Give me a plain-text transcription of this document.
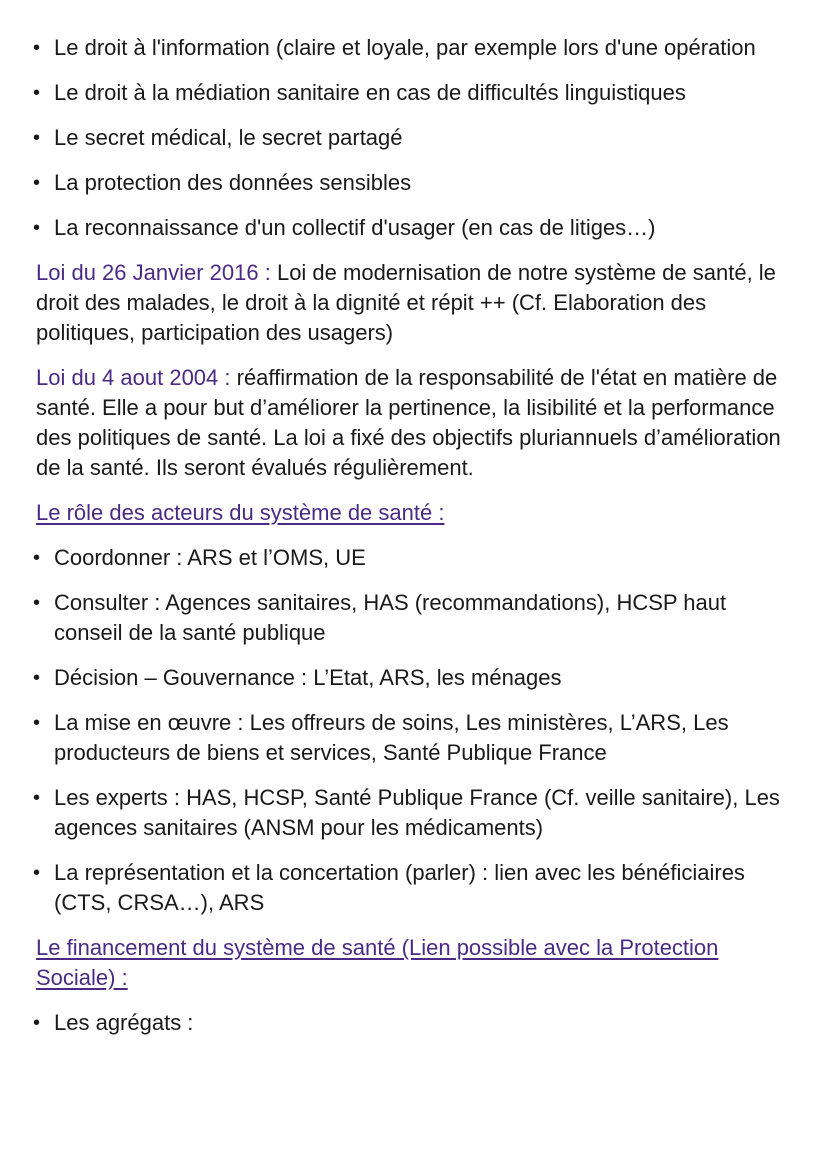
• Le droit à l'information (claire et loyale, par exemple lors d'une opération
• Le droit à la médiation sanitaire en cas de difficultés linguistiques
• Le secret médical, le secret partagé
• La protection des données sensibles
• La reconnaissance d'un collectif d'usager (en cas de litiges…)

Loi du 26 Janvier 2016 : Loi de modernisation de notre système de santé, le droit des malades, le droit à la dignité et répit ++ (Cf. Elaboration des politiques, participation des usagers)

Loi du 4 aout 2004 : réaffirmation de la responsabilité de l'état en matière de santé. Elle a pour but d’améliorer la pertinence, la lisibilité et la performance des politiques de santé. La loi a fixé des objectifs pluriannuels d’amélioration de la santé. Ils seront évalués régulièrement.

Le rôle des acteurs du système de santé :

• Coordonner : ARS et l’OMS, UE
• Consulter : Agences sanitaires, HAS (recommandations), HCSP haut conseil de la santé publique
• Décision – Gouvernance : L’Etat, ARS, les ménages
• La mise en œuvre : Les offreurs de soins, Les ministères, L’ARS, Les producteurs de biens et services, Santé Publique France
• Les experts : HAS, HCSP, Santé Publique France (Cf. veille sanitaire), Les agences sanitaires (ANSM pour les médicaments)
• La représentation et la concertation (parler) : lien avec les bénéficiaires (CTS, CRSA…), ARS

Le financement du système de santé (Lien possible avec la Protection Sociale) :

• Les agrégats :
